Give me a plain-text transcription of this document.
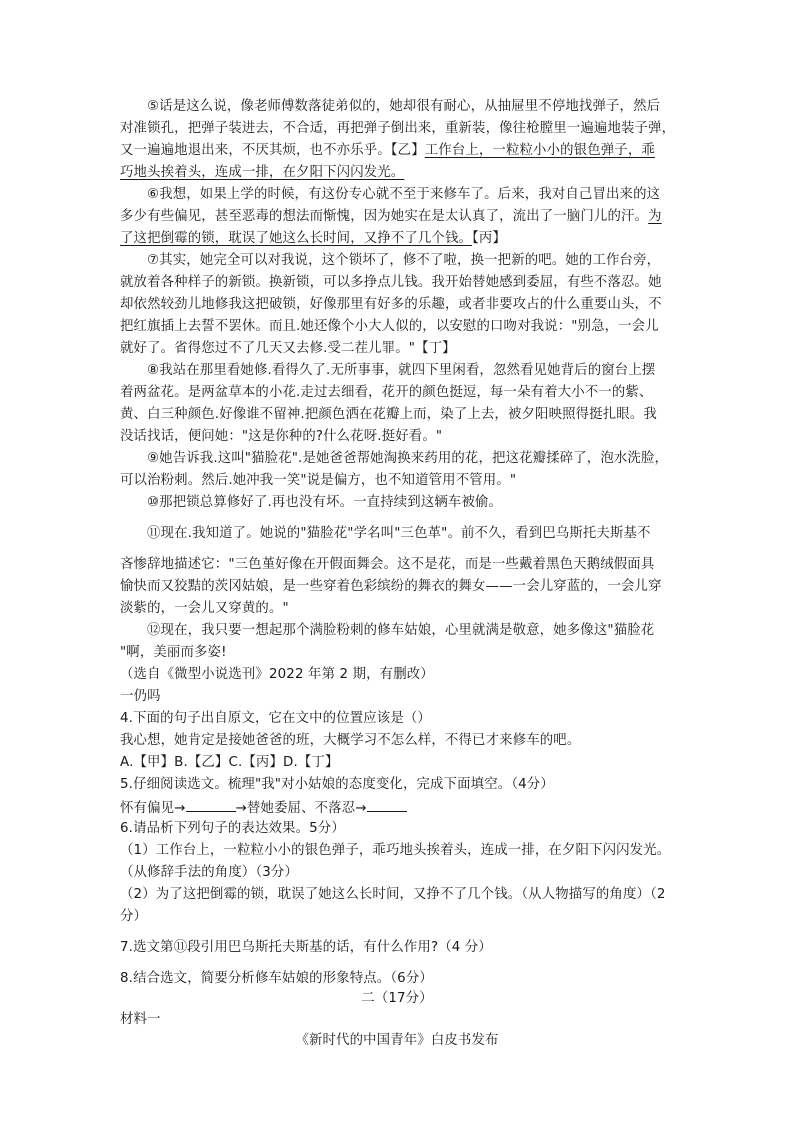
⑤话是这么说，像老师傅数落徒弟似的，她却很有耐心，从抽屉里不停地找弹子，然后
对准锁孔，把弹子装进去，不合适，再把弹子倒出来，重新装，像往枪膛里一遍遍地装子弹，
又一遍遍地退出来，不厌其烦，也不亦乐乎。【乙】工作台上，一粒粒小小的银色弹子，乖
巧地头挨着头，连成一排，在夕阳下闪闪发光。
⑥我想，如果上学的时候，有这份专心就不至于来修车了。后来，我对自己冒出来的这
多少有些偏见，甚至恶毒的想法而惭愧，因为她实在是太认真了，流出了一脑门儿的汗。为
了这把倒霉的锁，耽误了她这么长时间，又挣不了几个钱。【丙】
⑦其实，她完全可以对我说，这个锁坏了，修不了啦，换一把新的吧。她的工作台旁，
就放着各种样子的新锁。换新锁，可以多挣点儿钱。我开始替她感到委屈，有些不落忍。她
却依然较劲儿地修我这把破锁，好像那里有好多的乐趣，或者非要攻占的什么重要山头，不
把红旗插上去誓不罢休。而且.她还像个小大人似的，以安慰的口吻对我说："别急，一会儿
就好了。省得您过不了几天又去修.受二茬儿罪。"【丁】
⑧我站在那里看她修.看得久了.无所事事，就四下里闲看，忽然看见她背后的窗台上摆
着两盆花。是两盆草本的小花.走过去细看，花开的颜色挺逗，每一朵有着大小不一的紫、
黄、白三种颜色.好像谁不留神.把颜色洒在花瓣上而，染了上去，被夕阳映照得挺扎眼。我
没话找话，便问她："这是你种的?什么花呀.挺好看。"
⑨她告诉我.这叫"猫脸花".是她爸爸帮她淘换来药用的花，把这花瓣揉碎了，泡水洗脸，
可以治粉刺。然后.她冲我一笑"说是偏方，也不知道管用不管用。"
⑩那把锁总算修好了.再也没有坏。一直持续到这辆车被偷。
⑪现在.我知道了。她说的"猫脸花"学名叫"三色革"。前不久，看到巴乌斯托夫斯基不
吝惨辞地描述它："三色堇好像在开假面舞会。这不是花，而是一些戴着黑色天鹅绒假面具
愉快而又狡黠的茨冈姑娘，是一些穿着色彩缤纷的舞衣的舞女——一会儿穿蓝的，一会儿穿
淡紫的，一会儿又穿黄的。"
⑫现在，我只要一想起那个满脸粉刺的修车姑娘，心里就满是敬意，她多像这"猫脸花
"啊，美丽而多姿!
（选自《微型小说选刊》2022 年第 2 期，有删改）
一仍吗
4.下面的句子出自原文，它在文中的位置应该是（）
我心想，她肯定是接她爸爸的班，大概学习不怎么样，不得已才来修车的吧。
A.【甲】B.【乙】C.【丙】D.【丁】
5.仔细阅读选文。梳理"我"对小姑娘的态度变化，完成下面填空。（4分）
怀有偏见→	→替她委屈、不落忍→
6.请品析下列句子的表达效果。5分）
（1）工作台上，一粒粒小小的银色弹子，乖巧地头挨着头，连成一排，在夕阳下闪闪发光。
（从修辞手法的角度）（3分）
（2）为了这把倒霉的锁，耽误了她这么长时间，又挣不了几个钱。（从人物描写的角度）（2
分）
7.选文第⑪段引用巴乌斯托夫斯基的话，有什么作用?（4 分）
8.结合选文，简要分析修车姑娘的形象特点。（6分）
二（17分）
材料一
《新时代的中国青年》白皮书发布
